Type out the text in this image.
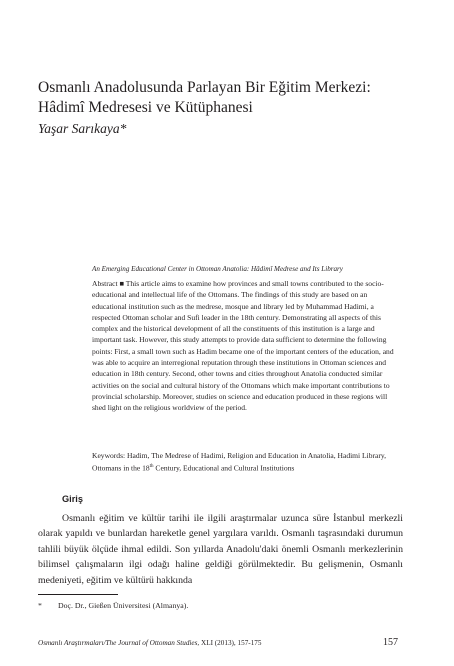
Osmanlı Anadolusunda Parlayan Bir Eğitim Merkezi:
Hâdimî Medresesi ve Kütüphanesi
Yaşar Sarıkaya*
An Emerging Educational Center in Ottoman Anatolia: Hâdimî Medrese and Its Library
Abstract ■ This article aims to examine how provinces and small towns contributed to the socio-educational and intellectual life of the Ottomans. The findings of this study are based on an educational institution such as the medrese, mosque and library led by Muhammad Hadimi, a respected Ottoman scholar and Sufi leader in the 18th century. Demonstrating all aspects of this complex and the historical development of all the constituents of this institution is a large and important task. However, this study attempts to provide data sufficient to determine the following points: First, a small town such as Hadim became one of the important centers of the education, and was able to acquire an interregional reputation through these institutions in Ottoman sciences and education in 18th century. Second, other towns and cities throughout Anatolia conducted similar activities on the social and cultural history of the Ottomans which make important contributions to provincial scholarship. Moreover, studies on science and education produced in these regions will shed light on the religious worldview of the period.
Keywords: Hadim, The Medrese of Hadimi, Religion and Education in Anatolia, Hadimi Library, Ottomans in the 18th Century, Educational and Cultural Institutions
Giriş

Osmanlı eğitim ve kültür tarihi ile ilgili araştırmalar uzunca süre İstanbul merkezli olarak yapıldı ve bunlardan hareketle genel yargılara varıldı. Osmanlı taşrasındaki durumun tahlili büyük ölçüde ihmal edildi. Son yıllarda Anadolu'daki önemli Osmanlı merkezlerinin bilimsel çalışmaların ilgi odağı haline geldiği görülmektedir. Bu gelişmenin, Osmanlı medeniyeti, eğitim ve kültürü hakkında

* Doç. Dr., Gießen Üniversitesi (Almanya).
Osmanlı Araştırmaları/The Journal of Ottoman Studies, XLI (2013), 157-175	157
